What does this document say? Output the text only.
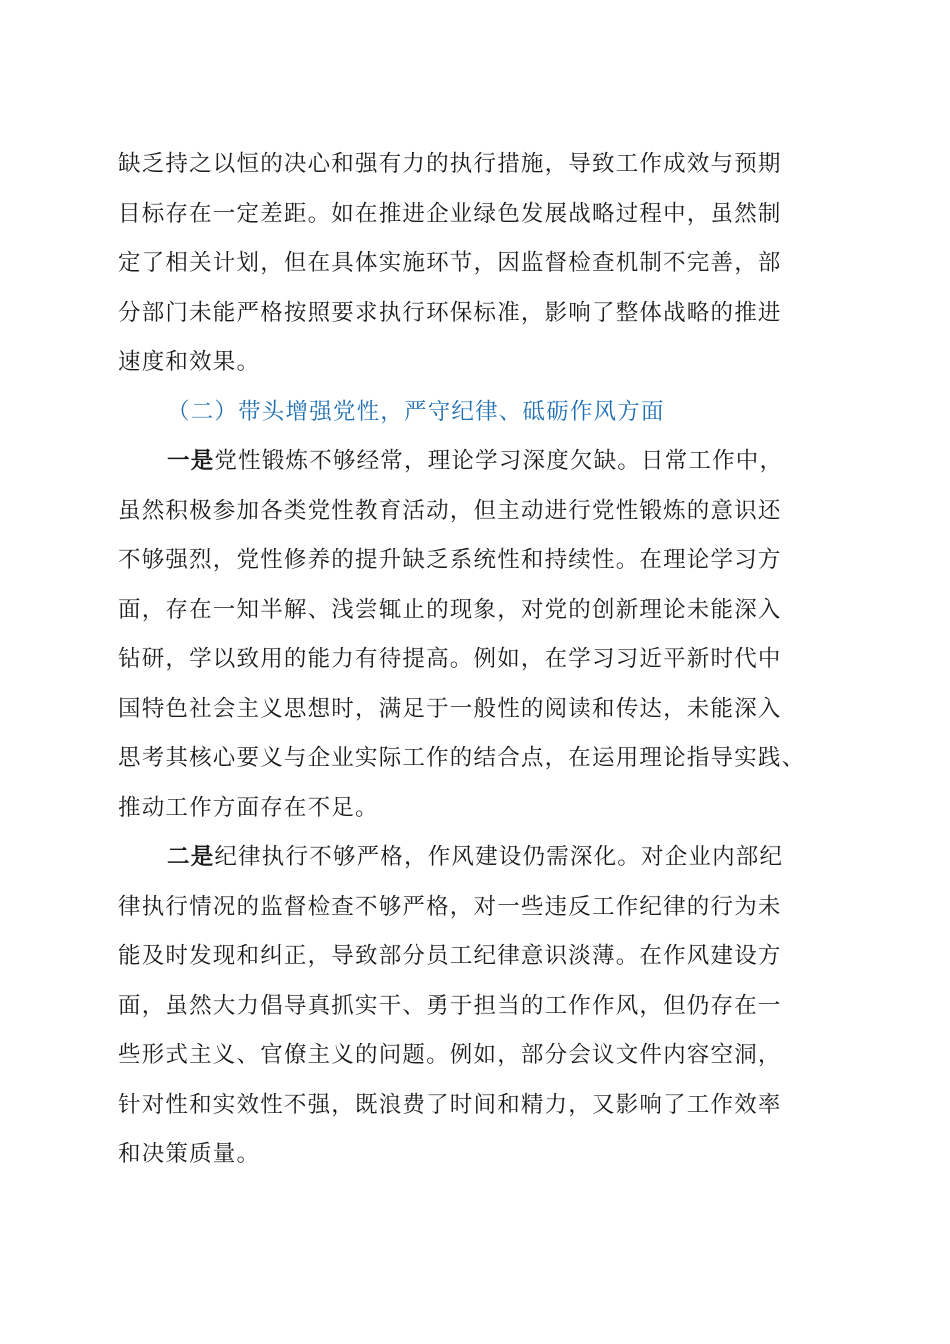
缺乏持之以恒的决心和强有力的执行措施，导致工作成效与预期
目标存在一定差距。如在推进企业绿色发展战略过程中，虽然制
定了相关计划，但在具体实施环节，因监督检查机制不完善，部
分部门未能严格按照要求执行环保标准，影响了整体战略的推进
速度和效果。
（二）带头增强党性，严守纪律、砥砺作风方面
一是党性锻炼不够经常，理论学习深度欠缺。日常工作中，
虽然积极参加各类党性教育活动，但主动进行党性锻炼的意识还
不够强烈，党性修养的提升缺乏系统性和持续性。在理论学习方
面，存在一知半解、浅尝辄止的现象，对党的创新理论未能深入
钻研，学以致用的能力有待提高。例如，在学习习近平新时代中
国特色社会主义思想时，满足于一般性的阅读和传达，未能深入
思考其核心要义与企业实际工作的结合点，在运用理论指导实践、
推动工作方面存在不足。
二是纪律执行不够严格，作风建设仍需深化。对企业内部纪
律执行情况的监督检查不够严格，对一些违反工作纪律的行为未
能及时发现和纠正，导致部分员工纪律意识淡薄。在作风建设方
面，虽然大力倡导真抓实干、勇于担当的工作作风，但仍存在一
些形式主义、官僚主义的问题。例如，部分会议文件内容空洞，
针对性和实效性不强，既浪费了时间和精力，又影响了工作效率
和决策质量。
